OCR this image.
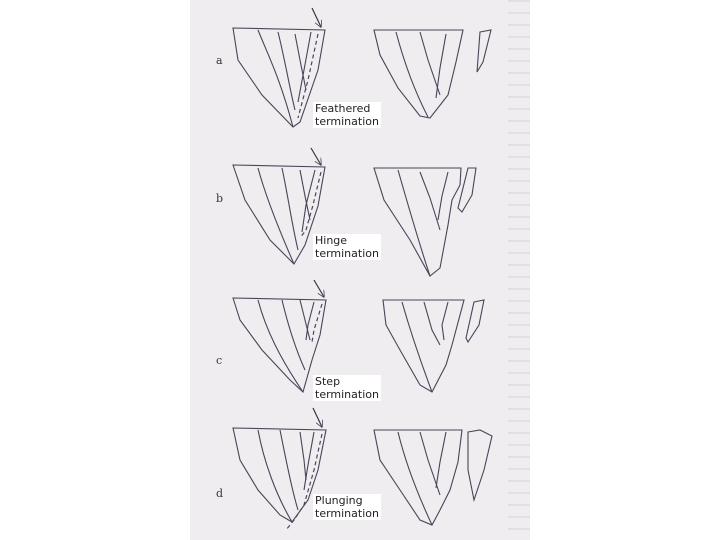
a
b
c
d
Feathered
termination
Hinge
termination
Step
termination
Plunging
termination
